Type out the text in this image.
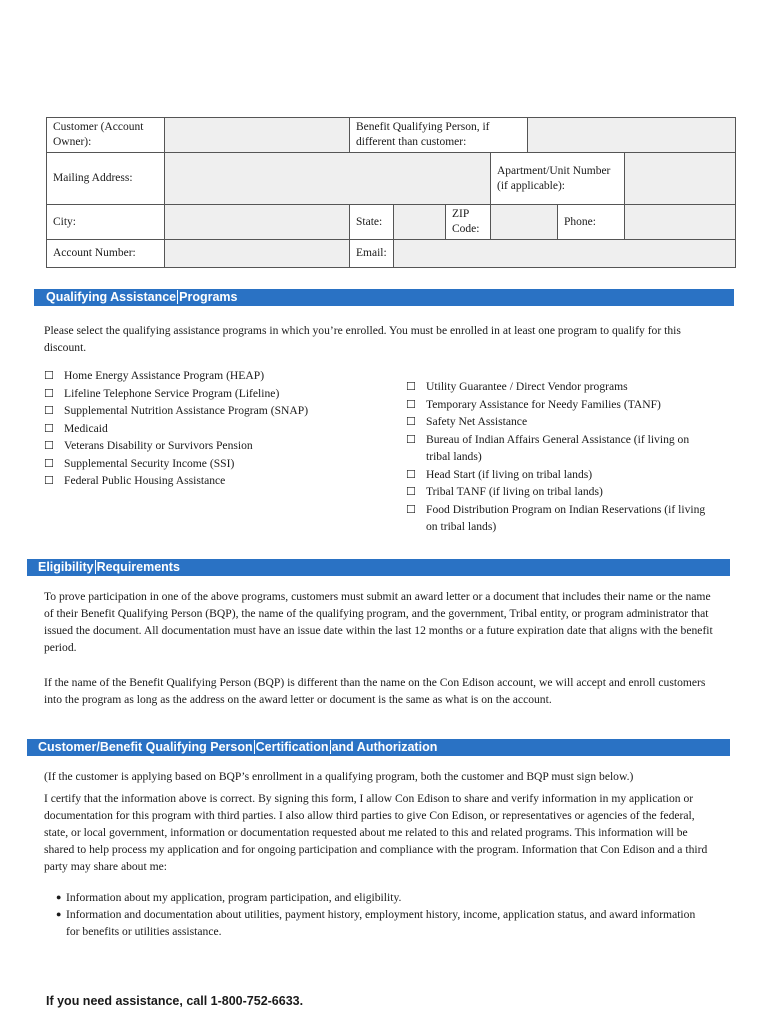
Customer (Account Owner):		Benefit Qualifying Person, if different than customer:						
Mailing Address:					Apartment/Unit Number (if applicable):			
City:		State:		ZIP Code:			Phone:	
Account Number:		Email:						
Qualifying Assistance Programs

Please select the qualifying assistance programs in which you’re enrolled. You must be enrolled in at least one program to qualify for this discount.

☐ Home Energy Assistance Program (HEAP)
☐ Lifeline Telephone Service Program (Lifeline)
☐ Supplemental Nutrition Assistance Program (SNAP)
☐ Medicaid
☐ Veterans Disability or Survivors Pension
☐ Supplemental Security Income (SSI)
☐ Federal Public Housing Assistance
☐ Utility Guarantee / Direct Vendor programs
☐ Temporary Assistance for Needy Families (TANF)
☐ Safety Net Assistance
☐ Bureau of Indian Affairs General Assistance (if living on tribal lands)
☐ Head Start (if living on tribal lands)
☐ Tribal TANF (if living on tribal lands)
☐ Food Distribution Program on Indian Reservations (if living on tribal lands)
Eligibility Requirements

To prove participation in one of the above programs, customers must submit an award letter or a document that includes their name or the name of their Benefit Qualifying Person (BQP), the name of the qualifying program, and the government, Tribal entity, or program administrator that issued the document. All documentation must have an issue date within the last 12 months or a future expiration date that aligns with the benefit period.

If the name of the Benefit Qualifying Person (BQP) is different than the name on the Con Edison account, we will accept and enroll customers into the program as long as the address on the award letter or document is the same as what is on the account.

Customer/Benefit Qualifying Person Certification and Authorization

(If the customer is applying based on BQP’s enrollment in a qualifying program, both the customer and BQP must sign below.)

I certify that the information above is correct. By signing this form, I allow Con Edison to share and verify information in my application or documentation for this program with third parties. I also allow third parties to give Con Edison, or representatives or agencies of the federal, state, or local government, information or documentation requested about me related to this and related programs. This information will be shared to help process my application and for ongoing participation and compliance with the program. Information that Con Edison and a third party may share about me:

● Information about my application, program participation, and eligibility.
● Information and documentation about utilities, payment history, employment history, income, application status, and award information for benefits or utilities assistance.
If you need assistance, call 1-800-752-6633.
